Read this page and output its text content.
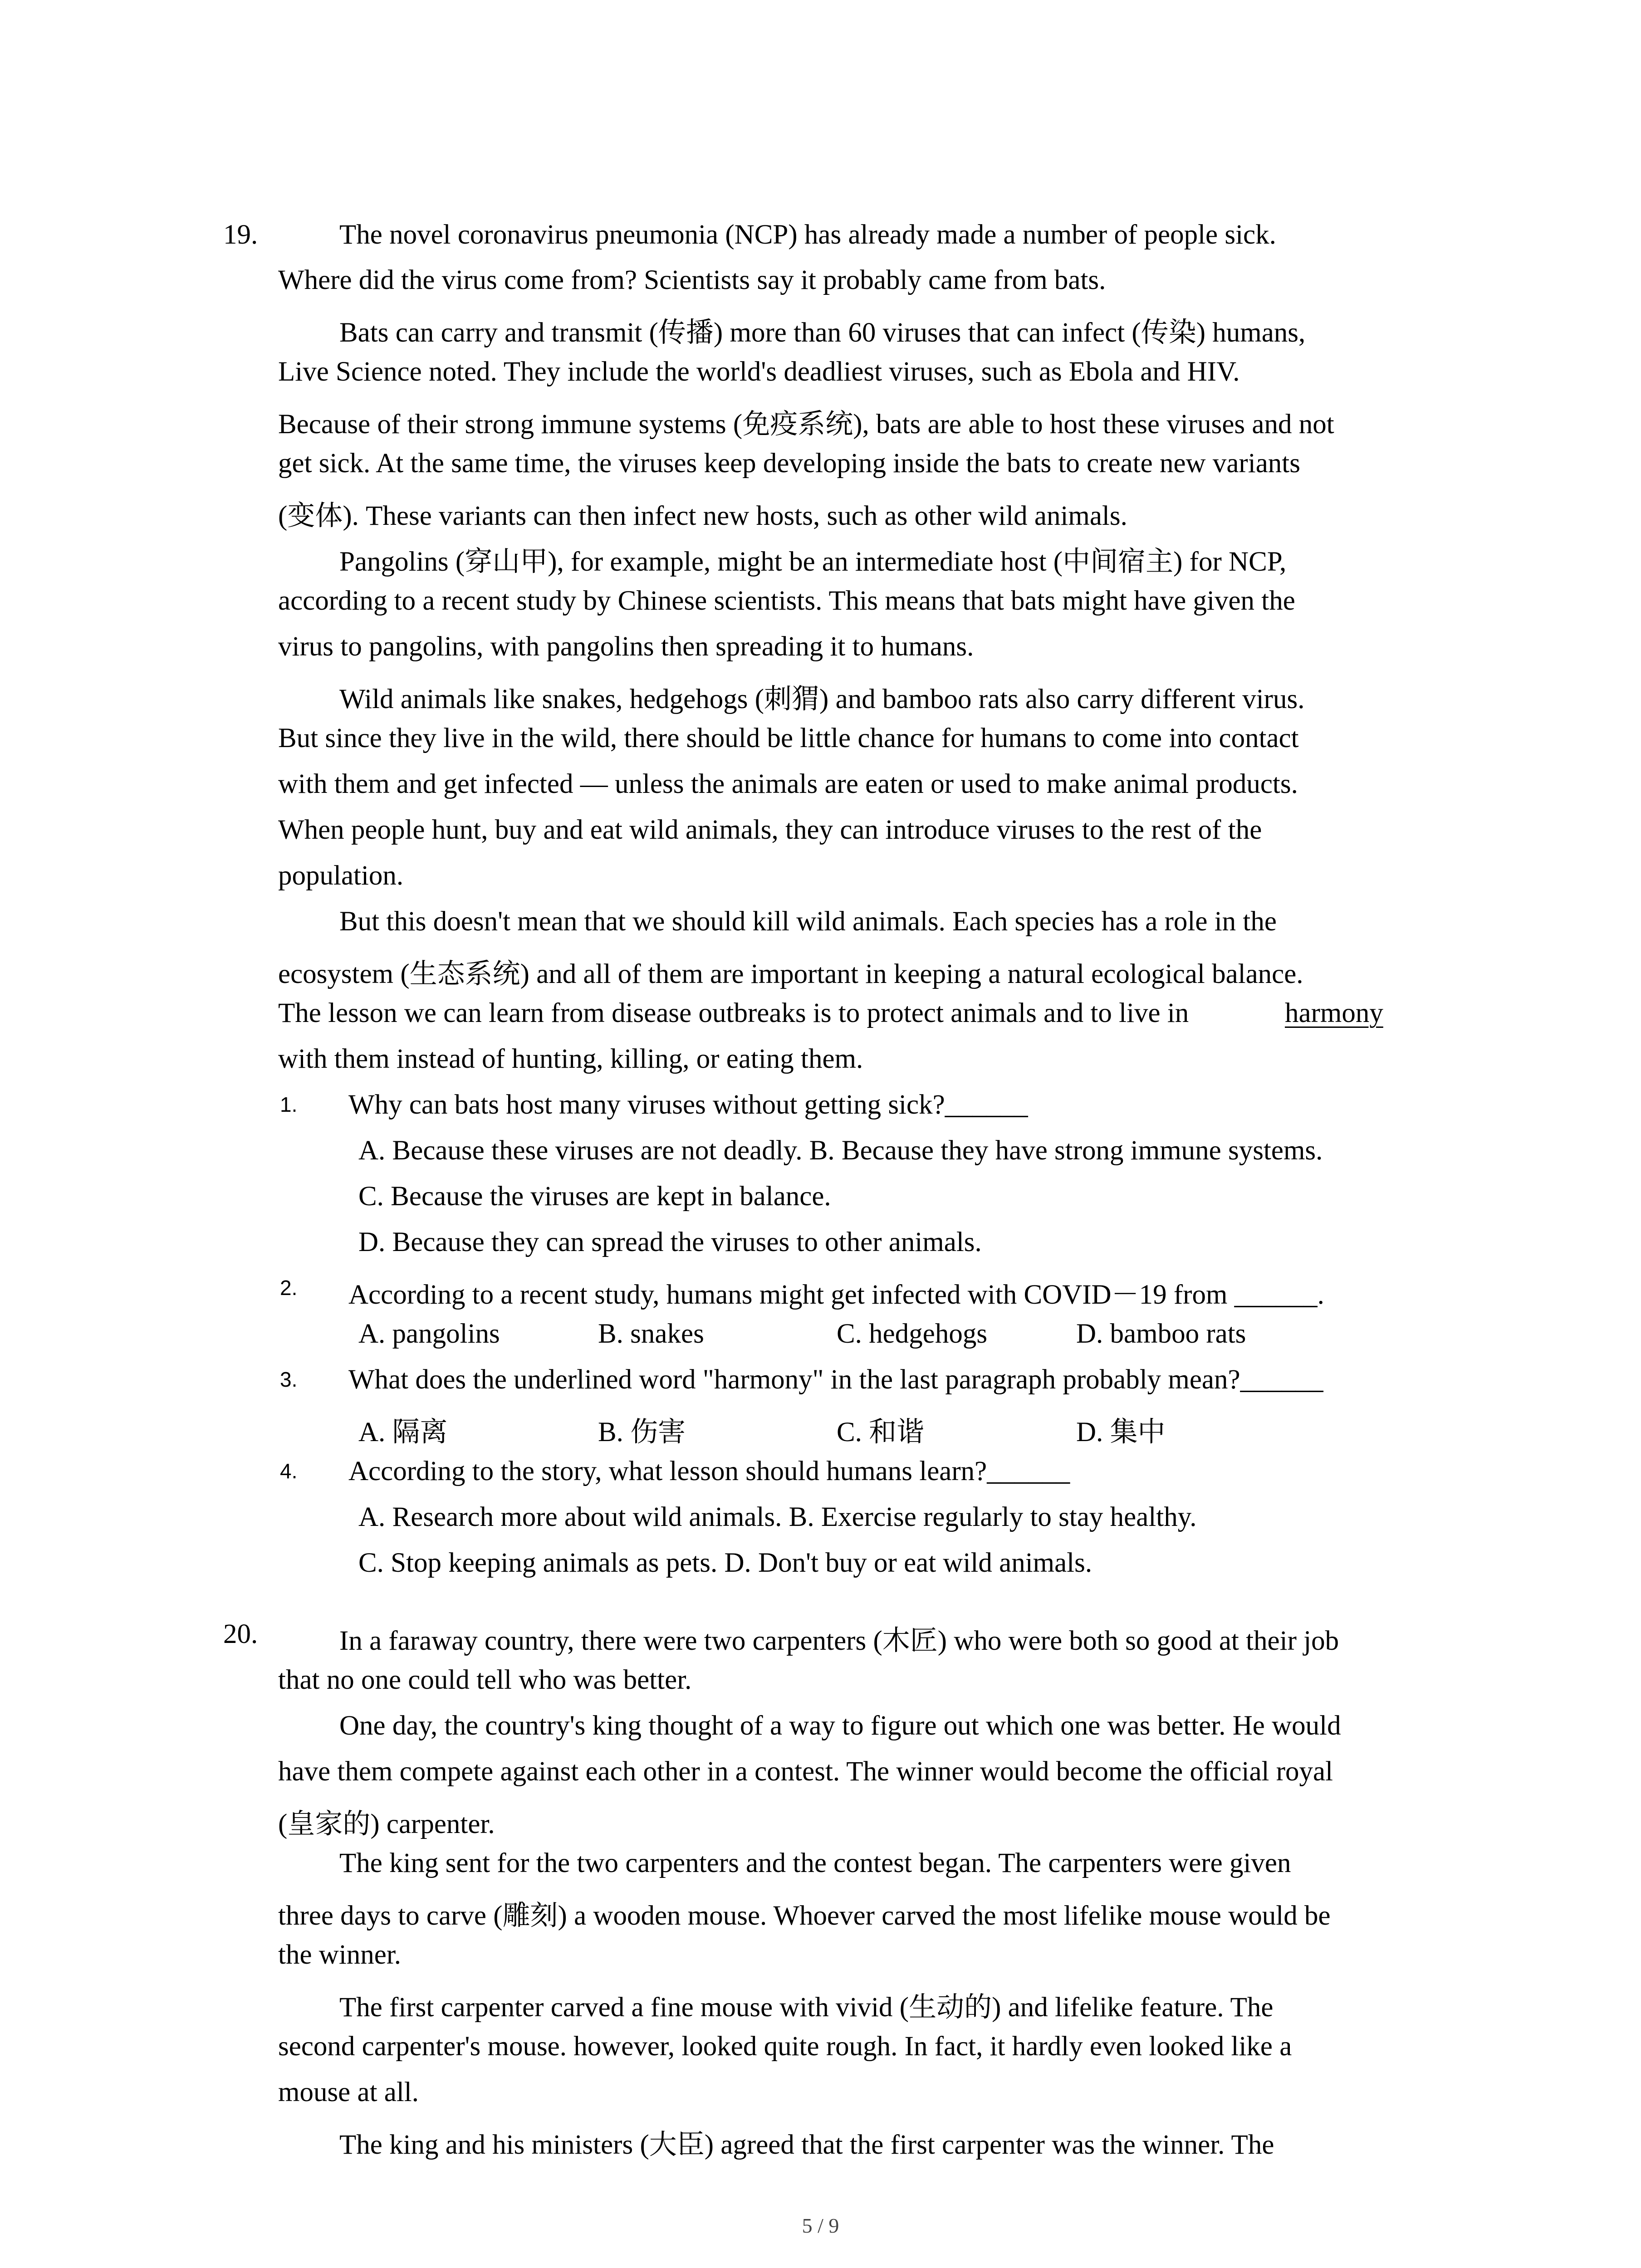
19.	The novel coronavirus pneumonia (NCP) has already made a number of people sick.
Where did the virus come from? Scientists say it probably came from bats.
Bats can carry and transmit (传播) more than 60 viruses that can infect (传染) humans,
Live Science noted. They include the world's deadliest viruses, such as Ebola and HIV.
Because of their strong immune systems (免疫系统), bats are able to host these viruses and not
get sick. At the same time, the viruses keep developing inside the bats to create new variants
(变体). These variants can then infect new hosts, such as other wild animals.
Pangolins (穿山甲), for example, might be an intermediate host (中间宿主) for NCP,
according to a recent study by Chinese scientists. This means that bats might have given the
virus to pangolins, with pangolins then spreading it to humans.
Wild animals like snakes, hedgehogs (刺猬) and bamboo rats also carry different virus.
But since they live in the wild, there should be little chance for humans to come into contact
with them and get infected — unless the animals are eaten or used to make animal products.
When people hunt, buy and eat wild animals, they can introduce viruses to the rest of the
population.
But this doesn't mean that we should kill wild animals. Each species has a role in the
ecosystem (生态系统) and all of them are important in keeping a natural ecological balance.
The lesson we can learn from disease outbreaks is to protect animals and to live in	harmony
with them instead of hunting, killing, or eating them.
1. Why can bats host many viruses without getting sick?______
A. Because these viruses are not deadly. B. Because they have strong immune systems.
C. Because the viruses are kept in balance.
D. Because they can spread the viruses to other animals.
2. According to a recent study, humans might get infected with COVID－19 from ______.
A. pangolins	B. snakes	C. hedgehogs	D. bamboo rats
3. What does the underlined word "harmony" in the last paragraph probably mean?______
A. 隔离	B. 伤害	C. 和谐	D. 集中
4. According to the story, what lesson should humans learn?______
A. Research more about wild animals. B. Exercise regularly to stay healthy.
C. Stop keeping animals as pets. D. Don't buy or eat wild animals.
20.	In a faraway country, there were two carpenters (木匠) who were both so good at their job
that no one could tell who was better.
One day, the country's king thought of a way to figure out which one was better. He would
have them compete against each other in a contest. The winner would become the official royal
(皇家的) carpenter.
The king sent for the two carpenters and the contest began. The carpenters were given
three days to carve (雕刻) a wooden mouse. Whoever carved the most lifelike mouse would be
the winner.
The first carpenter carved a fine mouse with vivid (生动的) and lifelike feature. The
second carpenter's mouse. however, looked quite rough. In fact, it hardly even looked like a
mouse at all.
The king and his ministers (大臣) agreed that the first carpenter was the winner. The
5 / 9
